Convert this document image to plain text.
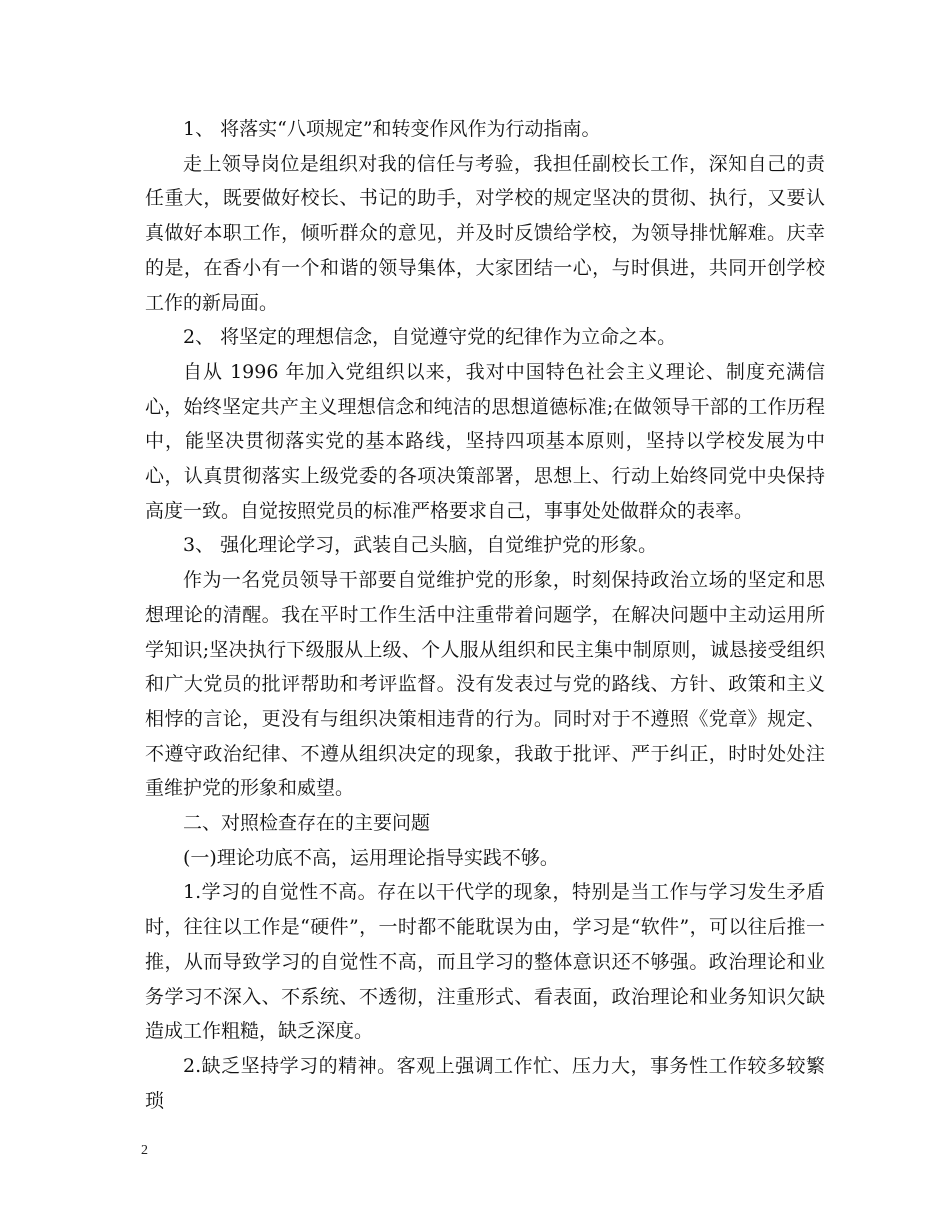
1、 将落实“八项规定”和转变作风作为行动指南。

走上领导岗位是组织对我的信任与考验，我担任副校长工作，深知自己的责任重大，既要做好校长、书记的助手，对学校的规定坚决的贯彻、执行，又要认真做好本职工作，倾听群众的意见，并及时反馈给学校，为领导排忧解难。庆幸的是，在香小有一个和谐的领导集体，大家团结一心，与时俱进，共同开创学校工作的新局面。

2、 将坚定的理想信念，自觉遵守党的纪律作为立命之本。

自从 1996 年加入党组织以来，我对中国特色社会主义理论、制度充满信心，始终坚定共产主义理想信念和纯洁的思想道德标准;在做领导干部的工作历程中，能坚决贯彻落实党的基本路线，坚持四项基本原则，坚持以学校发展为中心，认真贯彻落实上级党委的各项决策部署，思想上、行动上始终同党中央保持高度一致。自觉按照党员的标准严格要求自己，事事处处做群众的表率。

3、 强化理论学习，武装自己头脑，自觉维护党的形象。

作为一名党员领导干部要自觉维护党的形象，时刻保持政治立场的坚定和思想理论的清醒。我在平时工作生活中注重带着问题学，在解决问题中主动运用所学知识;坚决执行下级服从上级、个人服从组织和民主集中制原则，诚恳接受组织和广大党员的批评帮助和考评监督。没有发表过与党的路线、方针、政策和主义相悖的言论，更没有与组织决策相违背的行为。同时对于不遵照《党章》规定、不遵守政治纪律、不遵从组织决定的现象，我敢于批评、严于纠正，时时处处注重维护党的形象和威望。

二、对照检查存在的主要问题

(一)理论功底不高，运用理论指导实践不够。

1.学习的自觉性不高。存在以干代学的现象，特别是当工作与学习发生矛盾时，往往以工作是“硬件”，一时都不能耽误为由，学习是“软件”，可以往后推一推，从而导致学习的自觉性不高，而且学习的整体意识还不够强。政治理论和业务学习不深入、不系统、不透彻，注重形式、看表面，政治理论和业务知识欠缺造成工作粗糙，缺乏深度。

2.缺乏坚持学习的精神。客观上强调工作忙、压力大，事务性工作较多较繁琐

2
